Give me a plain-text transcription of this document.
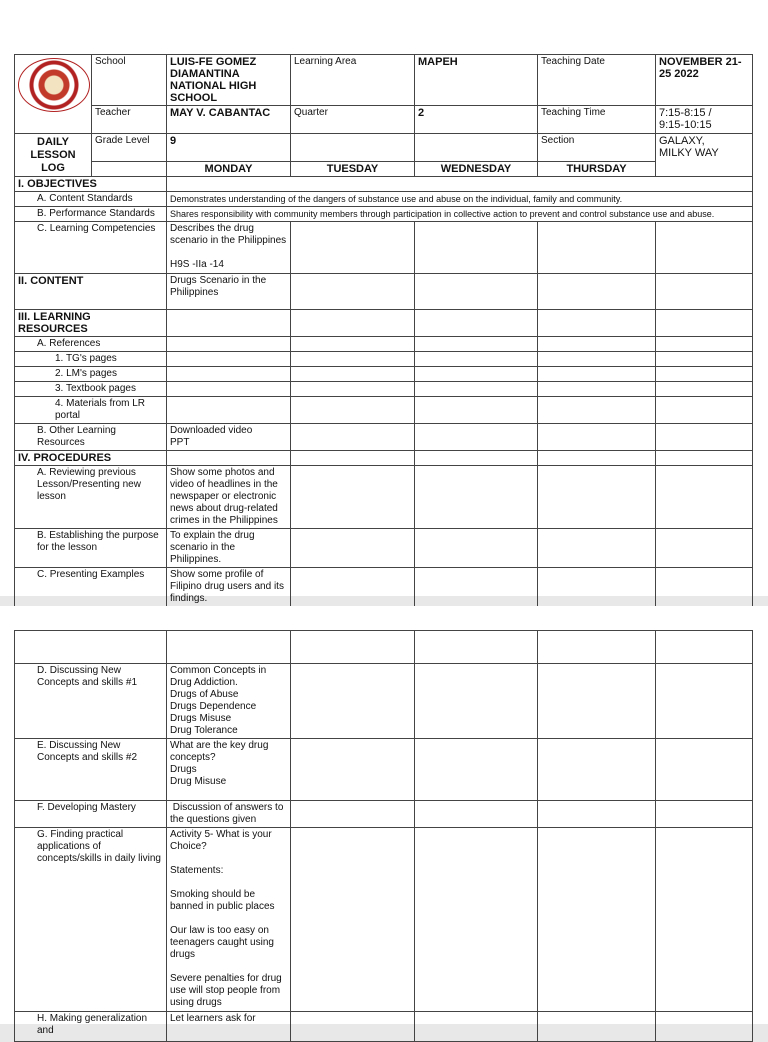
	School	LUIS-FE GOMEZ DIAMANTINA NATIONAL HIGH SCHOOL	Learning Area	MAPEH	Teaching Date	NOVEMBER 21-25 2022
	Teacher	MAY V. CABANTAC	Quarter	2	Teaching Time	7:15-8:15 /
9:15-10:15
DAILY LESSON LOG	Grade Level	9			Section	GALAXY,
MILKY WAY
		MONDAY	TUESDAY	WEDNESDAY	THURSDAY	
I. OBJECTIVES						
A. Content Standards		Demonstrates understanding of the dangers of substance use and abuse on the individual, family and community.				
B. Performance Standards		Shares responsibility with community members through participation in collective action to prevent and control substance use and abuse.				
C. Learning Competencies		Describes the drug scenario in the Philippines

H9S -IIa -14				
II. CONTENT		Drugs Scenario in the Philippines				
III. LEARNING RESOURCES						
A. References						
1. TG's pages						
2. LM's pages						
3. Textbook pages						
4. Materials from LR portal						
B. Other Learning Resources		Downloaded video
PPT				
IV. PROCEDURES						
A. Reviewing previous Lesson/Presenting new lesson		Show some photos and video of headlines in the newspaper or electronic news about drug-related crimes in the Philippines				
B. Establishing the purpose for the lesson		To explain the drug scenario in the Philippines.				
C. Presenting Examples		Show some profile of Filipino drug users and its findings.				

D. Discussing New Concepts and skills #1	Common Concepts in Drug Addiction.
Drugs of Abuse
Drugs Dependence
Drugs Misuse
Drug Tolerance				
E. Discussing New Concepts and skills #2	What are the key drug concepts?
Drugs
Drug Misuse				
F. Developing Mastery	Discussion of answers to the questions given				
G. Finding practical applications of concepts/skills in daily living	Activity 5- What is your Choice?

Statements:

Smoking should be banned in public places

Our law is too easy on teenagers caught using drugs

Severe penalties for drug use will stop people from using drugs				
H. Making generalization and	Let learners ask for				
